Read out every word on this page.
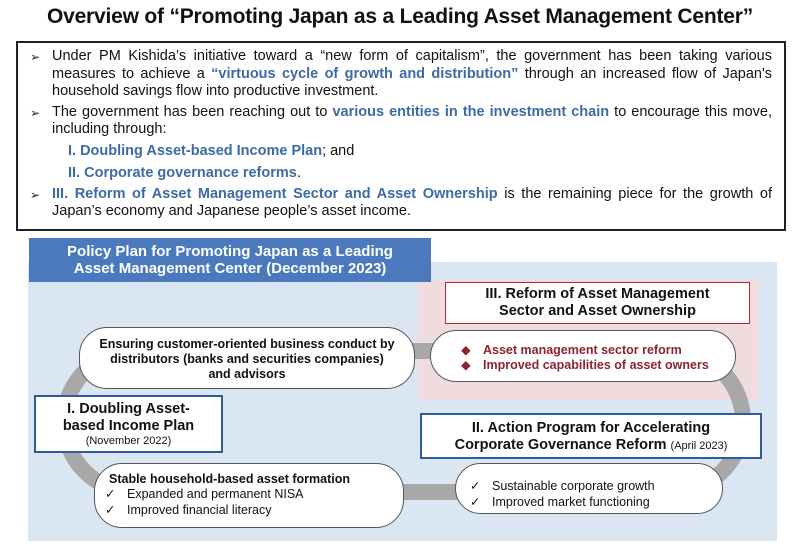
Overview of “Promoting Japan as a Leading Asset Management Center”
➢ Under PM Kishida’s initiative toward a “new form of capitalism”, the government has been taking various measures to achieve a “virtuous cycle of growth and distribution” through an increased flow of Japan's household savings flow into productive investment.
➢ The government has been reaching out to various entities in the investment chain to encourage this move, including through:
I. Doubling Asset-based Income Plan; and
II. Corporate governance reforms.
➢ III. Reform of Asset Management Sector and Asset Ownership is the remaining piece for the growth of Japan’s economy and Japanese people’s asset income.
Policy Plan for Promoting Japan as a Leading
Asset Management Center (December 2023)
Ensuring customer-oriented business conduct by
distributors (banks and securities companies)
and advisors
◆ Asset management sector reform
◆ Improved capabilities of asset owners
III. Reform of Asset Management
Sector and Asset Ownership
Stable household-based asset formation
✓ Expanded and permanent NISA
✓ Improved financial literacy
✓ Sustainable corporate growth
✓ Improved market functioning
I. Doubling Asset-
based Income Plan
(November 2022)
II. Action Program for Accelerating
Corporate Governance Reform (April 2023)
